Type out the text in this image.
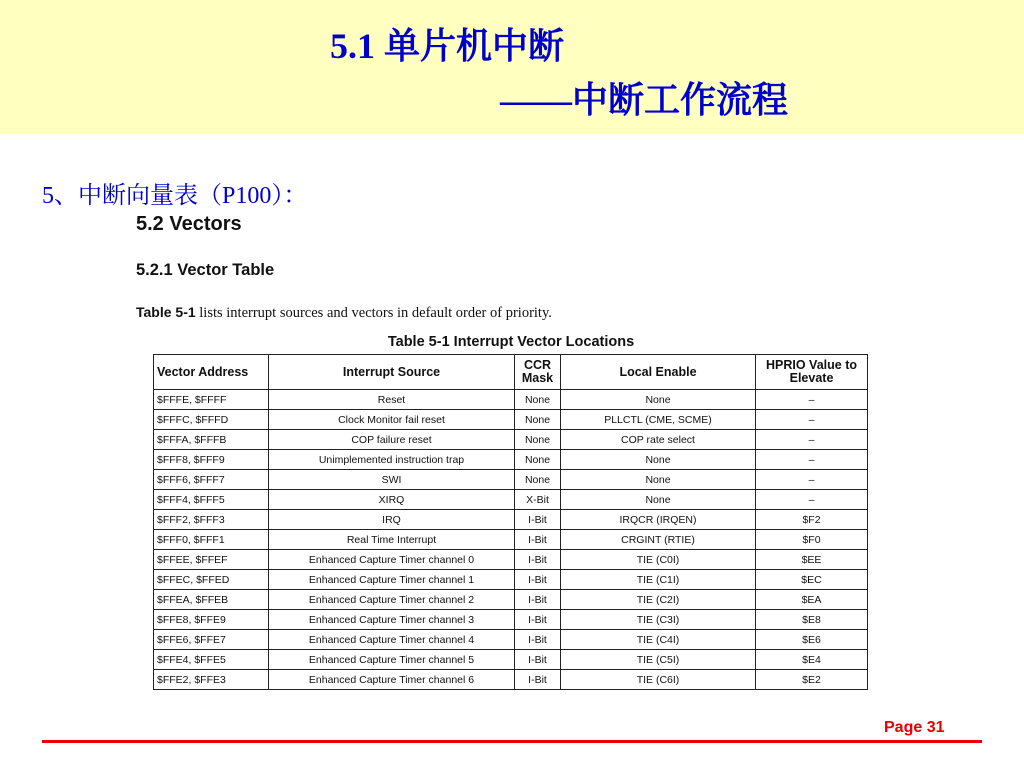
5.1 单片机中断
——中断工作流程
5、中断向量表（P100）：
5.2 Vectors
5.2.1 Vector Table
Table 5-1 lists interrupt sources and vectors in default order of priority.
Table 5-1 Interrupt Vector Locations
Vector Address	Interrupt Source	CCR Mask	Local Enable	HPRIO Value to Elevate
$FFFE, $FFFF	Reset	None	None	–
$FFFC, $FFFD	Clock Monitor fail reset	None	PLLCTL (CME, SCME)	–
$FFFA, $FFFB	COP failure reset	None	COP rate select	–
$FFF8, $FFF9	Unimplemented instruction trap	None	None	–
$FFF6, $FFF7	SWI	None	None	–
$FFF4, $FFF5	XIRQ	X-Bit	None	–
$FFF2, $FFF3	IRQ	I-Bit	IRQCR (IRQEN)	$F2
$FFF0, $FFF1	Real Time Interrupt	I-Bit	CRGINT (RTIE)	$F0
$FFEE, $FFEF	Enhanced Capture Timer channel 0	I-Bit	TIE (C0I)	$EE
$FFEC, $FFED	Enhanced Capture Timer channel 1	I-Bit	TIE (C1I)	$EC
$FFEA, $FFEB	Enhanced Capture Timer channel 2	I-Bit	TIE (C2I)	$EA
$FFE8, $FFE9	Enhanced Capture Timer channel 3	I-Bit	TIE (C3I)	$E8
$FFE6, $FFE7	Enhanced Capture Timer channel 4	I-Bit	TIE (C4I)	$E6
$FFE4, $FFE5	Enhanced Capture Timer channel 5	I-Bit	TIE (C5I)	$E4
$FFE2, $FFE3	Enhanced Capture Timer channel 6	I-Bit	TIE (C6I)	$E2
Page 31
